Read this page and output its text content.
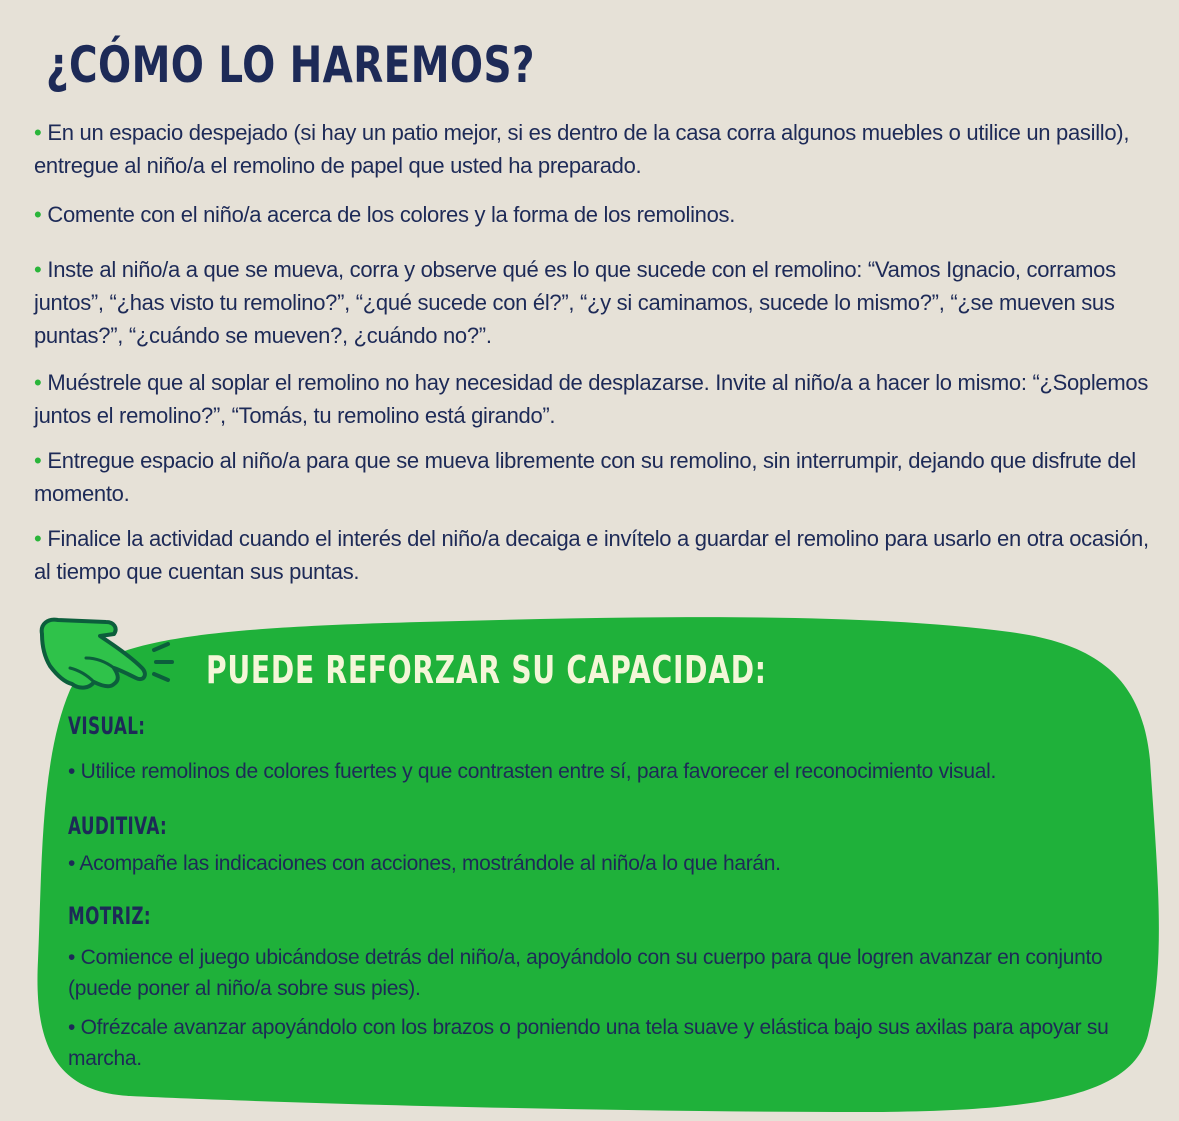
¿CÓMO LO HAREMOS?
• En un espacio despejado (si hay un patio mejor, si es dentro de la casa corra algunos muebles o utilice un pasillo), entregue al niño/a el remolino de papel que usted ha preparado.
• Comente con el niño/a acerca de los colores y la forma de los remolinos.
• Inste al niño/a a que se mueva, corra y observe qué es lo que sucede con el remolino: “Vamos Ignacio, corramos juntos”, “¿has visto tu remolino?”, “¿qué sucede con él?”, “¿y si caminamos, sucede lo mismo?”, “¿se mueven sus puntas?”, “¿cuándo se mueven?, ¿cuándo no?”.
• Muéstrele que al soplar el remolino no hay necesidad de desplazarse. Invite al niño/a a hacer lo mismo: “¿Soplemos juntos el remolino?”, “Tomás, tu remolino está girando”.
• Entregue espacio al niño/a para que se mueva libremente con su remolino, sin interrumpir, dejando que disfrute del momento.
• Finalice la actividad cuando el interés del niño/a decaiga e invítelo a guardar el remolino para usarlo en otra ocasión, al tiempo que cuentan sus puntas.
PUEDE REFORZAR SU CAPACIDAD:
VISUAL:

• Utilice remolinos de colores fuertes y que contrasten entre sí, para favorecer el reconocimiento visual.

AUDITIVA:

• Acompañe las indicaciones con acciones, mostrándole al niño/a lo que harán.

MOTRIZ:

• Comience el juego ubicándose detrás del niño/a, apoyándolo con su cuerpo para que logren avanzar en conjunto (puede poner al niño/a sobre sus pies).

• Ofrézcale avanzar apoyándolo con los brazos o poniendo una tela suave y elástica bajo sus axilas para apoyar su marcha.
